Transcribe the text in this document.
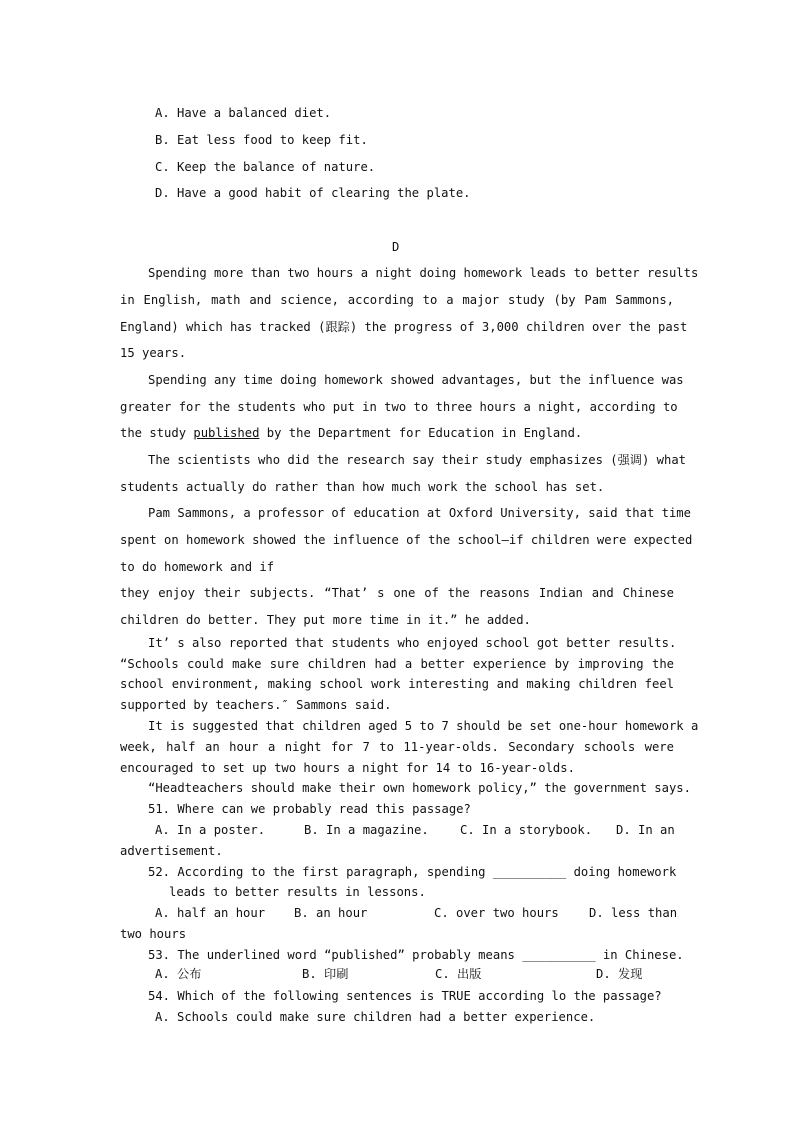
A. Have a balanced diet.
B. Eat less food to keep fit.
C. Keep the balance of nature.
D. Have a good habit of clearing the plate.
D
Spending more than two hours a night doing homework leads to better results
in English, math and science, according to a major study (by Pam Sammons,
England) which has tracked (跟踪) the progress of 3,000 children over the past
15 years.
Spending any time doing homework showed advantages, but the influence was
greater for the students who put in two to three hours a night, according to
the study published by the Department for Education in England.
The scientists who did the research say their study emphasizes (强调) what
students actually do rather than how much work the school has set.
Pam Sammons, a professor of education at Oxford University, said that time
spent on homework showed the influence of the school—if children were expected
to do homework and if
they enjoy their subjects. “That’ s one of the reasons Indian and Chinese
children do better. They put more time in it.” he added.
It’ s also reported that students who enjoyed school got better results.
“Schools could make sure children had a better experience by improving the
school environment, making school work interesting and making children feel
supported by teachers.″ Sammons said.
It is suggested that children aged 5 to 7 should be set one-hour homework a
week, half an hour a night for 7 to 11-year-olds. Secondary schools were
encouraged to set up two hours a night for 14 to 16-year-olds.
“Headteachers should make their own homework policy,” the government says.
51. Where can we probably read this passage?
A. In a poster.	B. In a magazine.	C. In a storybook. D. In an
advertisement.
52. According to the first paragraph, spending __________ doing homework
leads to better results in lessons.
A. half an hour B. an hour	C. over two hours D. less than
two hours
53. The underlined word “published” probably means __________ in Chinese.
A. 公布	B. 印刷	C. 出版	D. 发现
54. Which of the following sentences is TRUE according lo the passage?
A. Schools could make sure children had a better experience.
